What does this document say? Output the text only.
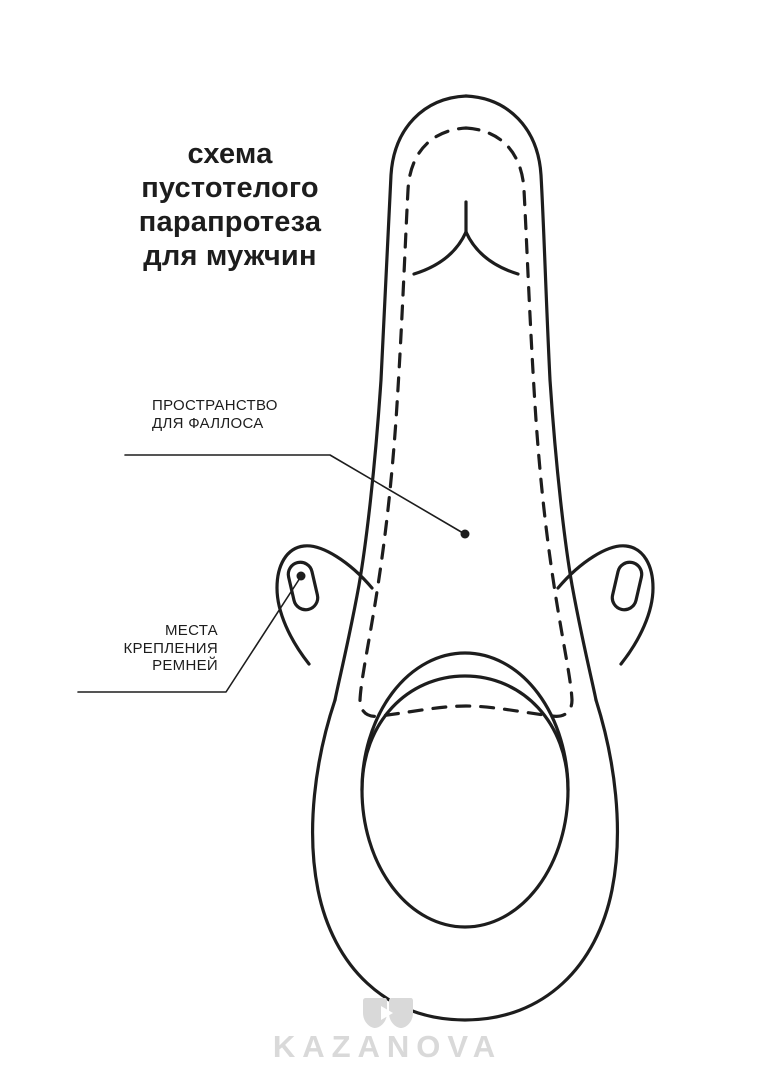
схема
пустотелого
парапротеза
для мужчин
ПРОСТРАНСТВО
ДЛЯ ФАЛЛОСА
МЕСТА
КРЕПЛЕНИЯ
РЕМНЕЙ
KAZANOVA
